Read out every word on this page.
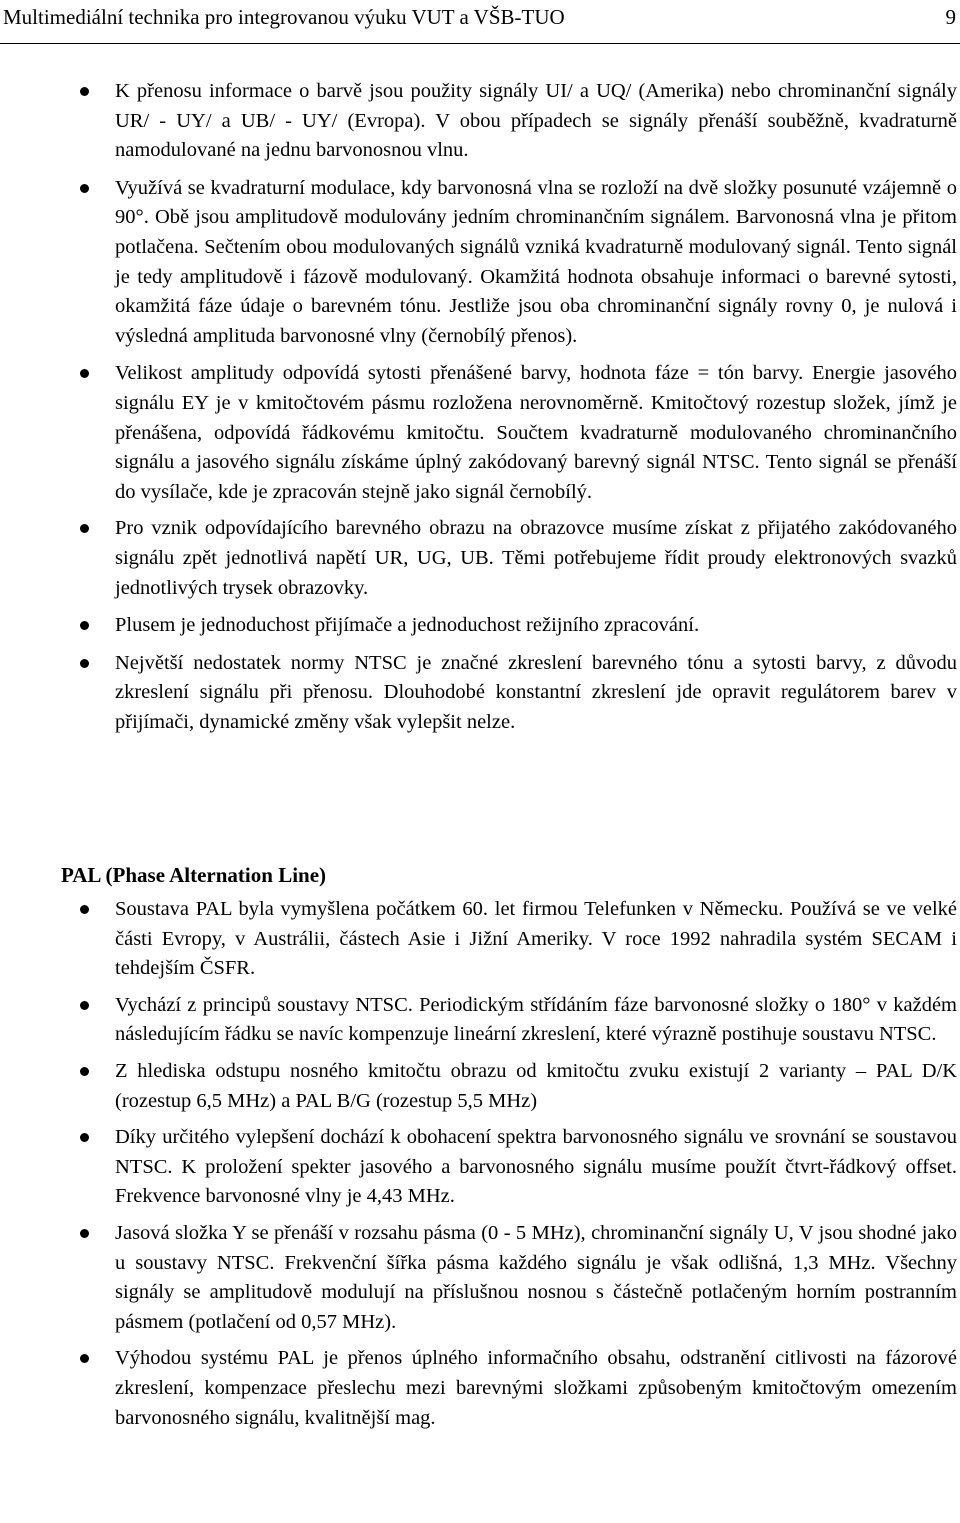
Multimediální technika pro integrovanou výuku VUT a VŠB-TUO	9
K přenosu informace o barvě jsou použity signály UI/ a UQ/ (Amerika) nebo chrominanční signály UR/ - UY/ a UB/ - UY/ (Evropa). V obou případech se signály přenáší souběžně, kvadraturně namodulované na jednu barvonosnou vlnu.
Využívá se kvadraturní modulace, kdy barvonosná vlna se rozloží na dvě složky posunuté vzájemně o 90°. Obě jsou amplitudově modulovány jedním chrominančním signálem. Barvonosná vlna je přitom potlačena. Sečtením obou modulovaných signálů vzniká kvadraturně modulovaný signál. Tento signál je tedy amplitudově i fázově modulovaný. Okamžitá hodnota obsahuje informaci o barevné sytosti, okamžitá fáze údaje o barevném tónu. Jestliže jsou oba chrominanční signály rovny 0, je nulová i výsledná amplituda barvonosné vlny (černobílý přenos).
Velikost amplitudy odpovídá sytosti přenášené barvy, hodnota fáze = tón barvy. Energie jasového signálu EY je v kmitočtovém pásmu rozložena nerovnoměrně. Kmitočtový rozestup složek, jímž je přenášena, odpovídá řádkovému kmitočtu. Součtem kvadraturně modulovaného chrominančního signálu a jasového signálu získáme úplný zakódovaný barevný signál NTSC. Tento signál se přenáší do vysílače, kde je zpracován stejně jako signál černobílý.
Pro vznik odpovídajícího barevného obrazu na obrazovce musíme získat z přijatého zakódovaného signálu zpět jednotlivá napětí UR, UG, UB. Těmi potřebujeme řídit proudy elektronových svazků jednotlivých trysek obrazovky.
Plusem je jednoduchost přijímače a jednoduchost režijního zpracování.
Největší nedostatek normy NTSC je značné zkreslení barevného tónu a sytosti barvy, z důvodu zkreslení signálu při přenosu. Dlouhodobé konstantní zkreslení jde opravit regulátorem barev v přijímači, dynamické změny však vylepšit nelze.
PAL (Phase Alternation Line)
Soustava PAL byla vymyšlena počátkem 60. let firmou Telefunken v Německu. Používá se ve velké části Evropy, v Austrálii, částech Asie i Jižní Ameriky. V roce 1992 nahradila systém SECAM i tehdejším ČSFR.
Vychází z principů soustavy NTSC. Periodickým střídáním fáze barvonosné složky o 180° v každém následujícím řádku se navíc kompenzuje lineární zkreslení, které výrazně postihuje soustavu NTSC.
Z hlediska odstupu nosného kmitočtu obrazu od kmitočtu zvuku existují 2 varianty – PAL D/K (rozestup 6,5 MHz) a PAL B/G (rozestup 5,5 MHz)
Díky určitého vylepšení dochází k obohacení spektra barvonosného signálu ve srovnání se soustavou NTSC. K proložení spekter jasového a barvonosného signálu musíme použít čtvrt-řádkový offset. Frekvence barvonosné vlny je 4,43 MHz.
Jasová složka Y se přenáší v rozsahu pásma (0 - 5 MHz), chrominanční signály U, V jsou shodné jako u soustavy NTSC. Frekvenční šířka pásma každého signálu je však odlišná, 1,3 MHz. Všechny signály se amplitudově modulují na příslušnou nosnou s částečně potlačeným horním postranním pásmem (potlačení od 0,57 MHz).
Výhodou systému PAL je přenos úplného informačního obsahu, odstranění citlivosti na fázorové zkreslení, kompenzace přeslechu mezi barevnými složkami způsobeným kmitočtovým omezením barvonosného signálu, kvalitnější mag.
